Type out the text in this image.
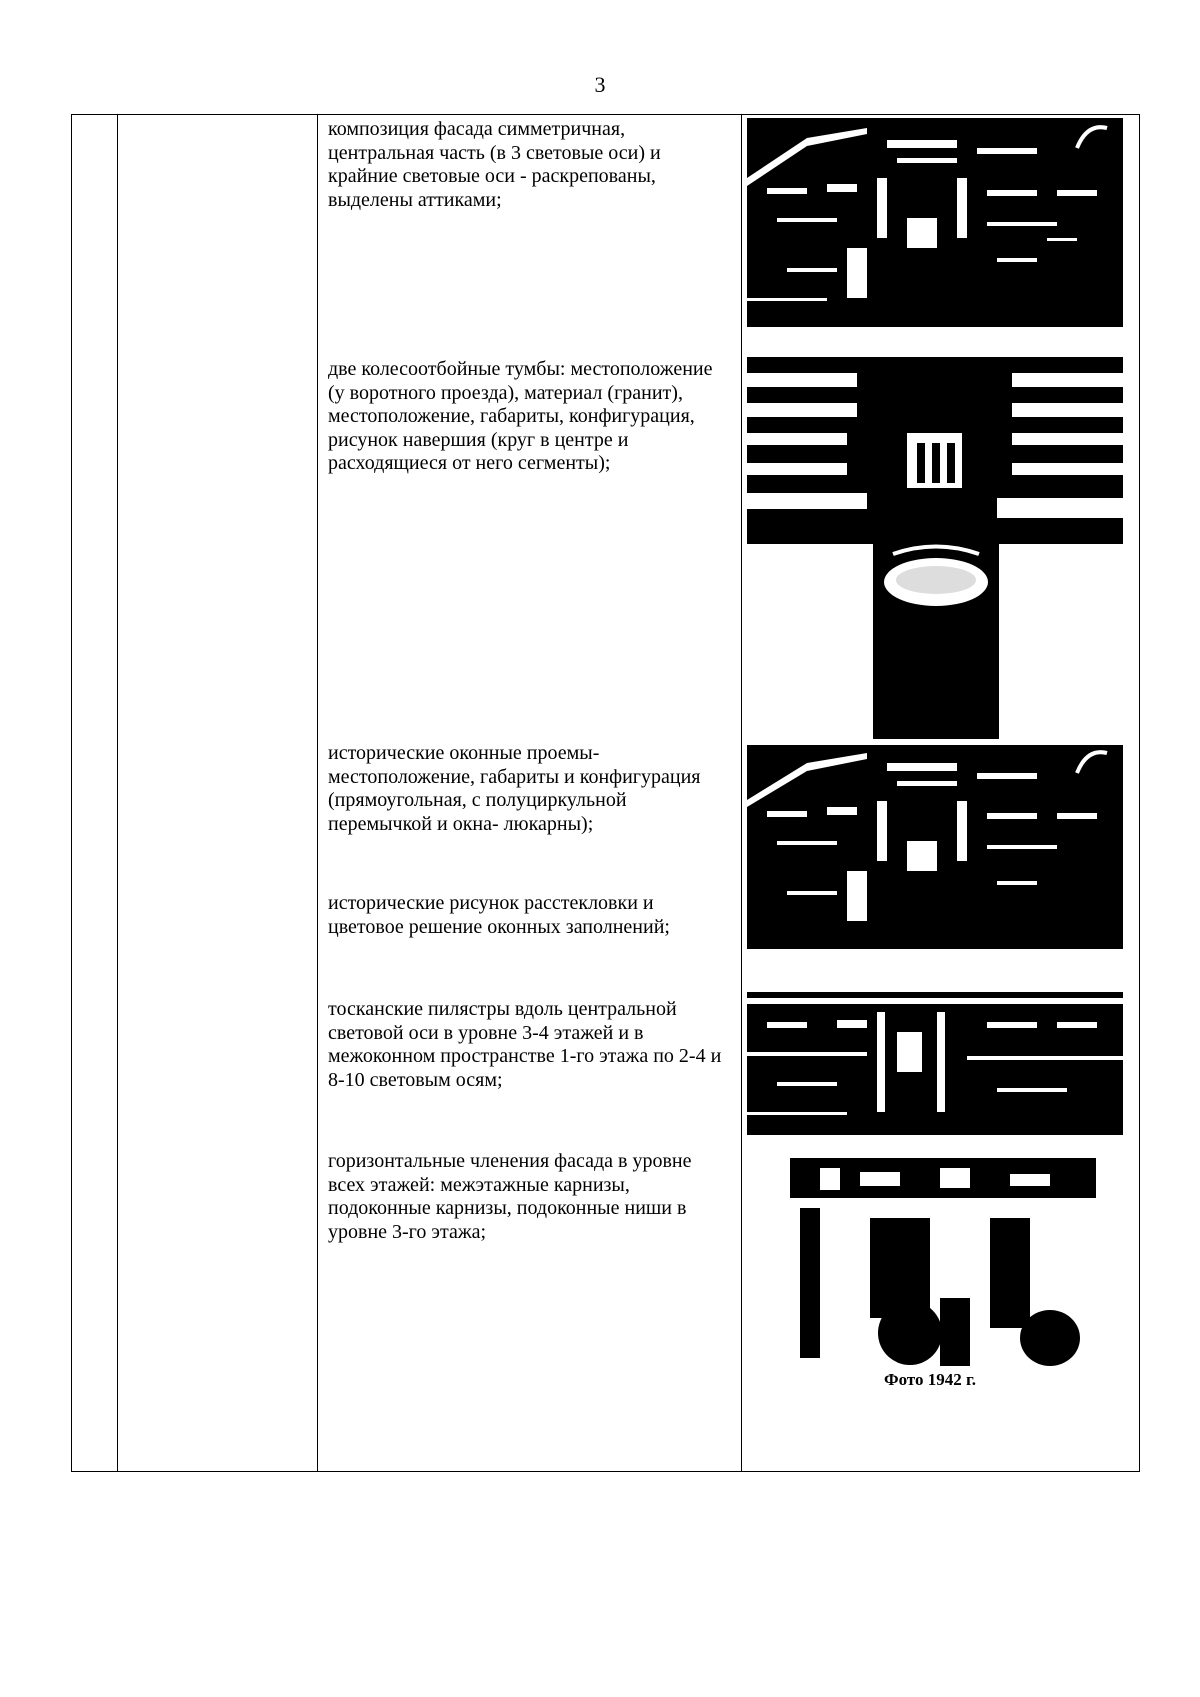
3

композиция фасада симметричная, центральная часть (в 3 световые оси) и крайние световые оси - раскрепованы, выделены аттиками;

две колесоотбойные тумбы: местоположение (у воротного проезда), материал (гранит), местоположение, габариты, конфигурация, рисунок навершия (круг в центре и расходящиеся от него сегменты);

исторические оконные проемы- местоположение, габариты и конфигурация (прямоугольная, с полуциркульной перемычкой и окна- люкарны);

исторические рисунок расстекловки и цветовое решение оконных заполнений;

тосканские пилястры вдоль центральной световой оси в уровне 3-4 этажей и в межоконном пространстве 1-го этажа по 2-4 и 8-10 световым осям;

горизонтальные членения фасада в уровне всех этажей: межэтажные карнизы, подоконные карнизы, подоконные ниши в уровне 3-го этажа;

Фото 1942 г.
